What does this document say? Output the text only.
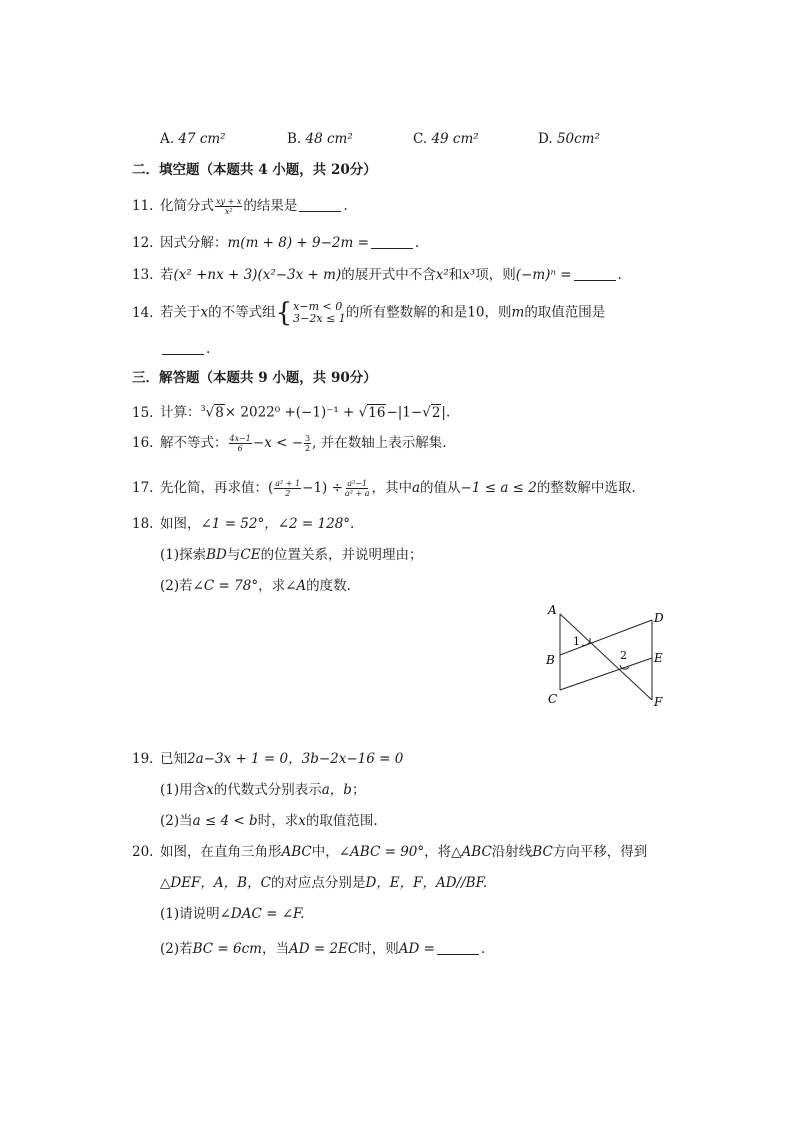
A. 47 cm²	B. 48 cm²	C. 49 cm²	D. 50cm²
二．填空题（本题共 4 小题，共 20分）
11. 化简分式 $\frac{xy + x}{\text{x²}}$ 的结果是	.
12. 因式分解：m(m + 8) + 9−2m =	.
13. 若(x² +nx + 3)(x²−3x + m)的展开式中不含x²和x³项，则(−m)ⁿ =	.
14. 若关于x的不等式组 { x−m < 0
3−2x ≤ 1 的所有整数解的和是10，则m的取值范围是
.
三．解答题（本题共 9 小题，共 90分）
15. 计算：$^3$√8× 2022⁰ +(−1)⁻¹ + √16−|1−√2|.
16. 解不等式： $\frac{4x-1}{6} -x$ < − $\frac{3}{2}$ , 并在数轴上表示解集.
17. 先化简，再求值：( $\frac{\text{a² + 1}}{2} -1) \div \frac{\text{a²−1}}{\text{a² + a}}$ ，其中a的值从−1 ≤ a ≤ 2的整数解中选取.
18. 如图，∠1 = 52°，∠2 = 128°.
(1)探索BD与CE的位置关系，并说明理由；
(2)若∠C = 78°，求∠A的度数.
A
B
C
D
E
F
1
2
19. 已知2a−3x + 1 = 0，3b−2x−16 = 0
(1)用含x的代数式分别表示a，b；
(2)当a ≤ 4 < b时，求x的取值范围.
20. 如图，在直角三角形ABC中，∠ABC = 90°，将△ABC沿射线BC方向平移，得到
△DEF，A，B，C的对应点分别是D，E，F，AD//BF.
(1)请说明∠DAC = ∠F.
(2)若BC = 6cm，当AD = 2EC时，则AD =	.
